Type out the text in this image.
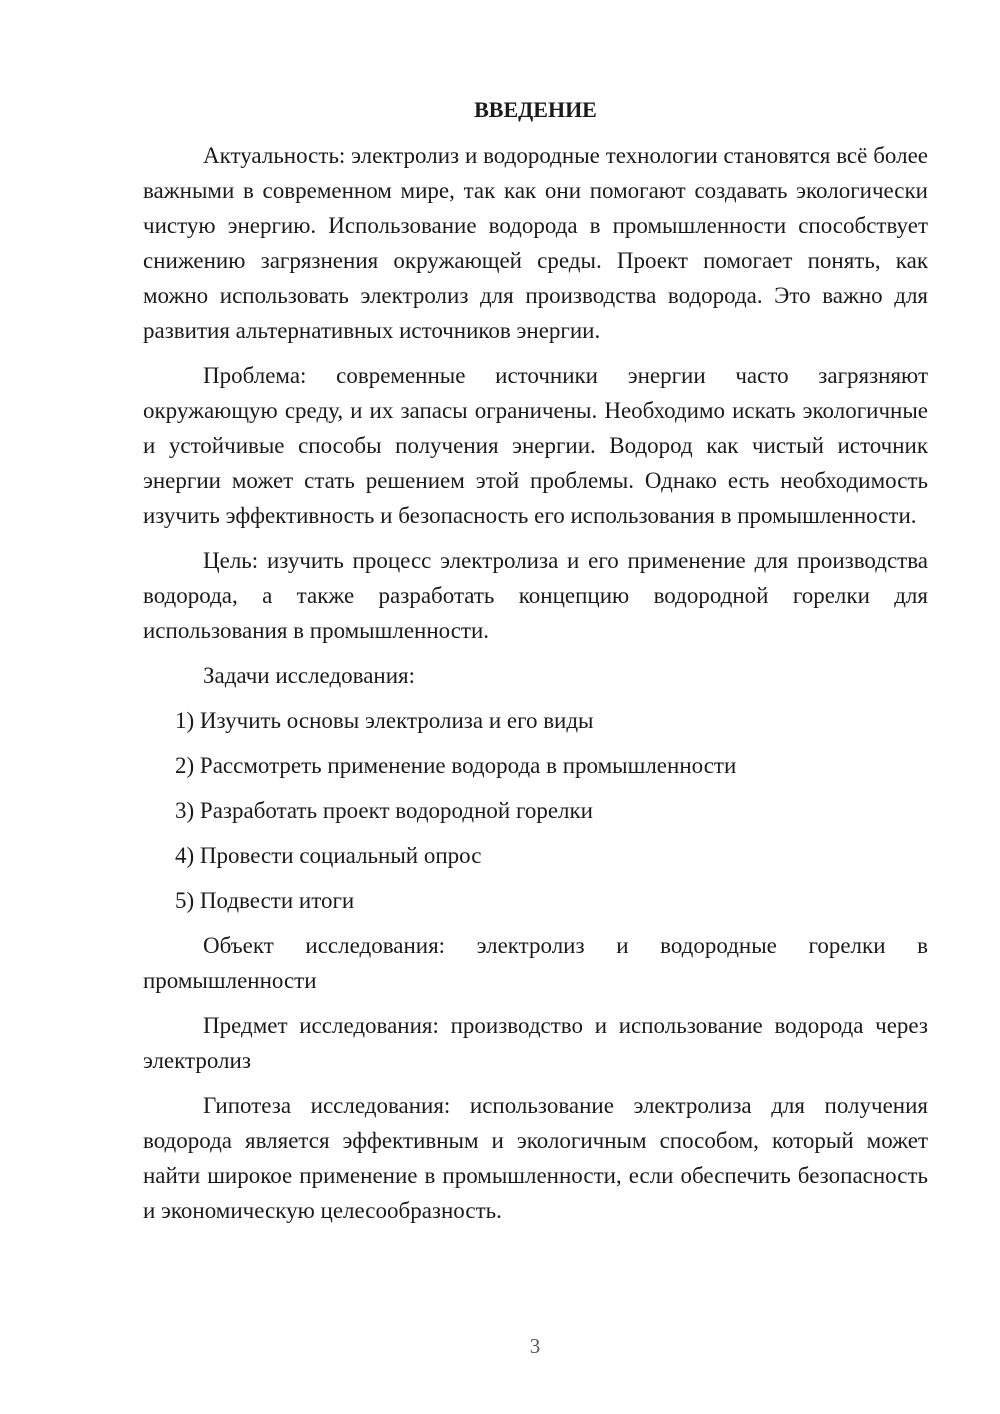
ВВЕДЕНИЕ

Актуальность: электролиз и водородные технологии становятся всё более важными в современном мире, так как они помогают создавать экологически чистую энергию. Использование водорода в промышленности способствует снижению загрязнения окружающей среды. Проект помогает понять, как можно использовать электролиз для производства водорода. Это важно для развития альтернативных источников энергии.

Проблема: современные источники энергии часто загрязняют окружающую среду, и их запасы ограничены. Необходимо искать экологичные и устойчивые способы получения энергии. Водород как чистый источник энергии может стать решением этой проблемы. Однако есть необходимость изучить эффективность и безопасность его использования в промышленности.

Цель: изучить процесс электролиза и его применение для производства водорода, а также разработать концепцию водородной горелки для использования в промышленности.

Задачи исследования:

1) Изучить основы электролиза и его виды

2) Рассмотреть применение водорода в промышленности

3) Разработать проект водородной горелки

4) Провести социальный опрос

5) Подвести итоги

Объект исследования: электролиз и водородные горелки в промышленности

Предмет исследования: производство и использование водорода через электролиз

Гипотеза исследования: использование электролиза для получения водорода является эффективным и экологичным способом, который может найти широкое применение в промышленности, если обеспечить безопасность и экономическую целесообразность.

3
